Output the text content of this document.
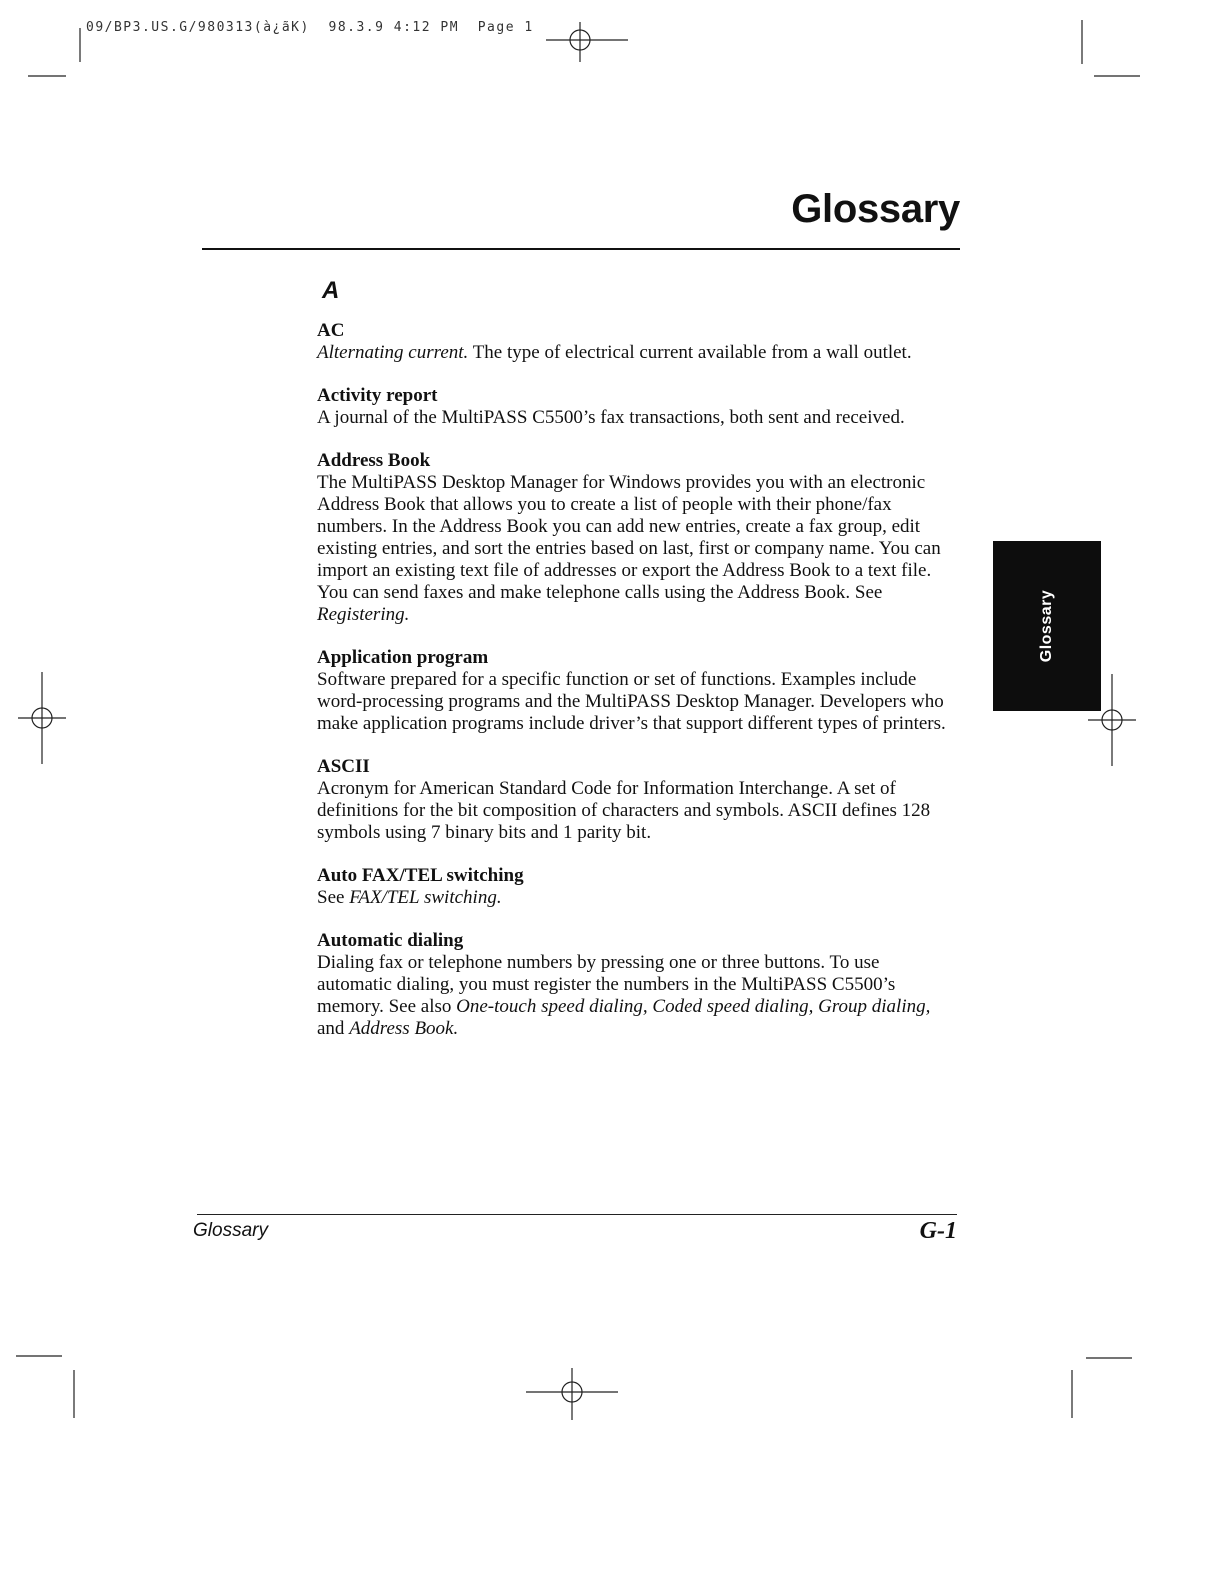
09/BP3.US.G/980313(à¿ãK)  98.3.9 4:12 PM  Page 1
Glossary
A

AC

Alternating current. The type of electrical current available from a wall outlet.

Activity report

A journal of the MultiPASS C5500’s fax transactions, both sent and received.

Address Book

The MultiPASS Desktop Manager for Windows provides you with an electronic Address Book that allows you to create a list of people with their phone/fax numbers. In the Address Book you can add new entries, create a fax group, edit existing entries, and sort the entries based on last, first or company name. You can import an existing text file of addresses or export the Address Book to a text file. You can send faxes and make telephone calls using the Address Book. See Registering.

Application program

Software prepared for a specific function or set of functions. Examples include word-processing programs and the MultiPASS Desktop Manager. Developers who make application programs include driver’s that support different types of printers.

ASCII

Acronym for American Standard Code for Information Interchange. A set of definitions for the bit composition of characters and symbols. ASCII defines 128 symbols using 7 binary bits and 1 parity bit.

Auto FAX/TEL switching

See FAX/TEL switching.

Automatic dialing

Dialing fax or telephone numbers by pressing one or three buttons. To use automatic dialing, you must register the numbers in the MultiPASS C5500’s memory. See also One-touch speed dialing, Coded speed dialing, Group dialing, and Address Book.

Glossary
Glossary	G-1
